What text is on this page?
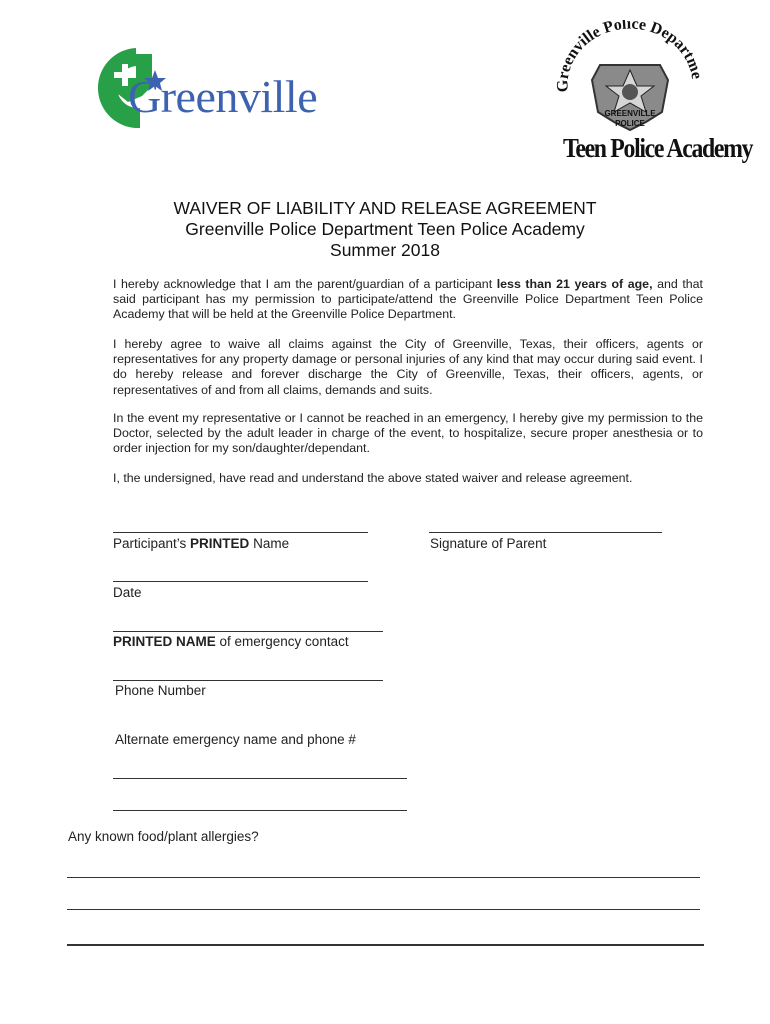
Greenville	Greenville Police Departme
GREENVILLE
POLICE
Teen Police Academy
WAIVER OF LIABILITY AND RELEASE AGREEMENT
Greenville Police Department Teen Police Academy
Summer 2018
I hereby acknowledge that I am the parent/guardian of a participant less than 21 years of age, and that said participant has my permission to participate/attend the Greenville Police Department Teen Police Academy that will be held at the Greenville Police Department.
I hereby agree to waive all claims against the City of Greenville, Texas, their officers, agents or representatives for any property damage or personal injuries of any kind that may occur during said event. I do hereby release and forever discharge the City of Greenville, Texas, their officers, agents, or representatives of and from all claims, demands and suits.
In the event my representative or I cannot be reached in an emergency, I hereby give my permission to the Doctor, selected by the adult leader in charge of the event, to hospitalize, secure proper anesthesia or to order injection for my son/daughter/dependant.
I, the undersigned, have read and understand the above stated waiver and release agreement.
Participant’s PRINTED Name	Signature of Parent
Date
PRINTED NAME of emergency contact
Phone Number
Alternate emergency name and phone #
Any known food/plant allergies?
